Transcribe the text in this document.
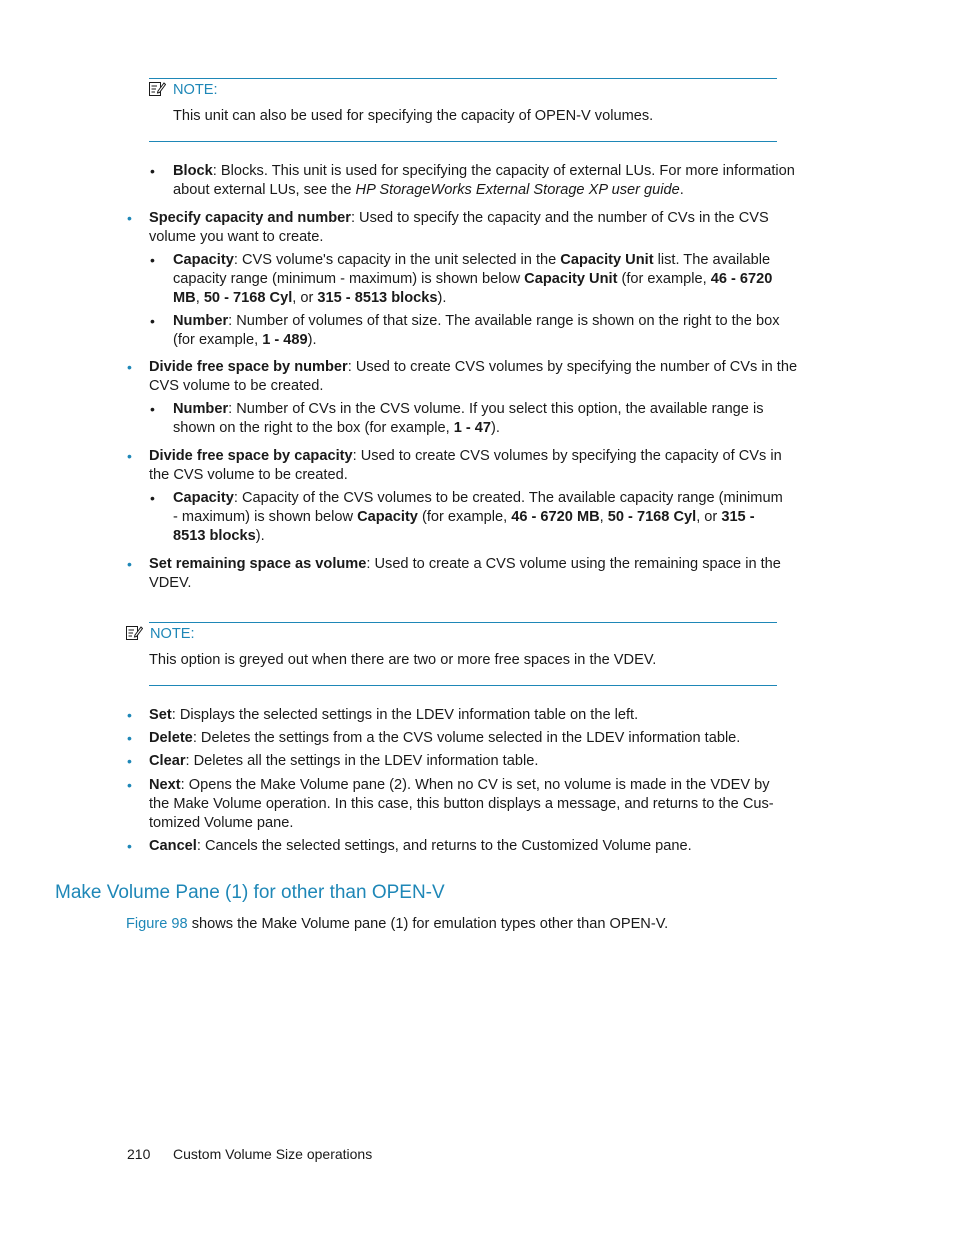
NOTE:
This unit can also be used for specifying the capacity of OPEN-V volumes.
• Block: Blocks. This unit is used for specifying the capacity of external LUs. For more information
about external LUs, see the HP StorageWorks External Storage XP user guide.
• Specify capacity and number: Used to specify the capacity and the number of CVs in the CVS
volume you want to create.
• Capacity: CVS volume's capacity in the unit selected in the Capacity Unit list. The available
capacity range (minimum - maximum) is shown below Capacity Unit (for example, 46 - 6720
MB, 50 - 7168 Cyl, or 315 - 8513 blocks).
• Number: Number of volumes of that size. The available range is shown on the right to the box
(for example, 1 - 489).
• Divide free space by number: Used to create CVS volumes by specifying the number of CVs in the
CVS volume to be created.
• Number: Number of CVs in the CVS volume. If you select this option, the available range is
shown on the right to the box (for example, 1 - 47).
• Divide free space by capacity: Used to create CVS volumes by specifying the capacity of CVs in
the CVS volume to be created.
• Capacity: Capacity of the CVS volumes to be created. The available capacity range (minimum
- maximum) is shown below Capacity (for example, 46 - 6720 MB, 50 - 7168 Cyl, or 315 -
8513 blocks).
• Set remaining space as volume: Used to create a CVS volume using the remaining space in the
VDEV.
NOTE:
This option is greyed out when there are two or more free spaces in the VDEV.
• Set: Displays the selected settings in the LDEV information table on the left.
• Delete: Deletes the settings from a the CVS volume selected in the LDEV information table.
• Clear: Deletes all the settings in the LDEV information table.
• Next: Opens the Make Volume pane (2). When no CV is set, no volume is made in the VDEV by
the Make Volume operation. In this case, this button displays a message, and returns to the Cus-
tomized Volume pane.
• Cancel: Cancels the selected settings, and returns to the Customized Volume pane.
Make Volume Pane (1) for other than OPEN-V
Figure 98 shows the Make Volume pane (1) for emulation types other than OPEN-V.
210 Custom Volume Size operations
